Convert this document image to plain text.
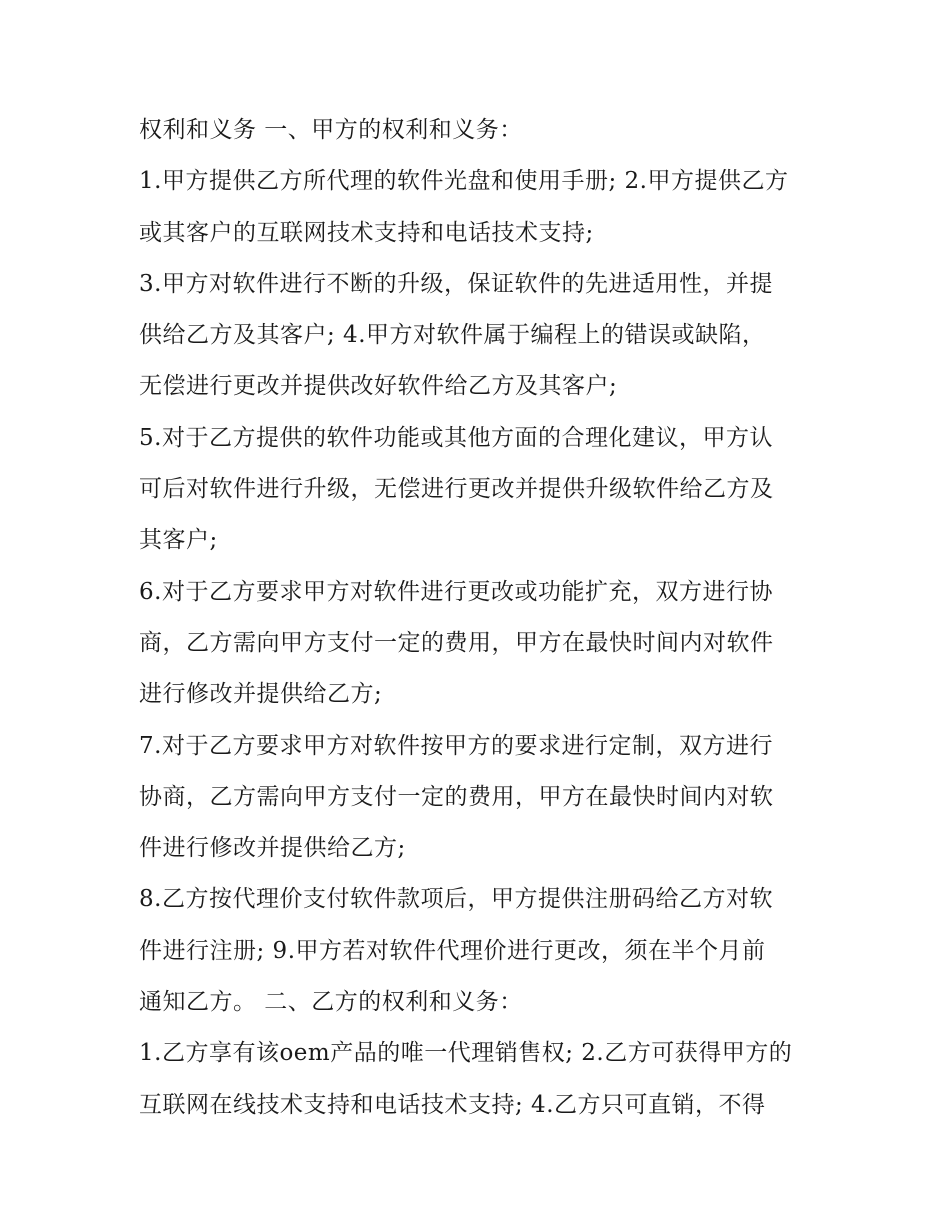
权利和义务 一、甲方的权利和义务：
1.甲方提供乙方所代理的软件光盘和使用手册; 2.甲方提供乙方
或其客户的互联网技术支持和电话技术支持;
3.甲方对软件进行不断的升级，保证软件的先进适用性，并提
供给乙方及其客户; 4.甲方对软件属于编程上的错误或缺陷，
无偿进行更改并提供改好软件给乙方及其客户;
5.对于乙方提供的软件功能或其他方面的合理化建议，甲方认
可后对软件进行升级，无偿进行更改并提供升级软件给乙方及
其客户;
6.对于乙方要求甲方对软件进行更改或功能扩充，双方进行协
商，乙方需向甲方支付一定的费用，甲方在最快时间内对软件
进行修改并提供给乙方;
7.对于乙方要求甲方对软件按甲方的要求进行定制，双方进行
协商，乙方需向甲方支付一定的费用，甲方在最快时间内对软
件进行修改并提供给乙方;
8.乙方按代理价支付软件款项后，甲方提供注册码给乙方对软
件进行注册; 9.甲方若对软件代理价进行更改，须在半个月前
通知乙方。 二、乙方的权利和义务：
1.乙方享有该oem产品的唯一代理销售权; 2.乙方可获得甲方的
互联网在线技术支持和电话技术支持; 4.乙方只可直销，不得
